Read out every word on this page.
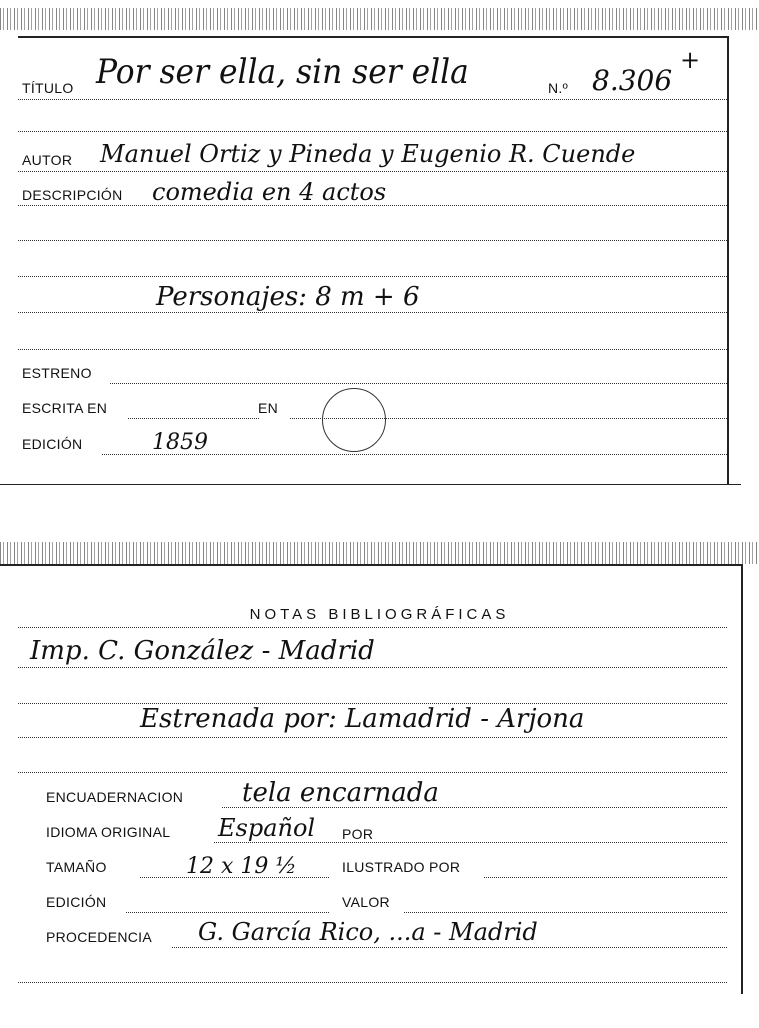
TÍTULO Por ser ella, sin ser ella	N.º 8.306
+
AUTOR Manuel Ortiz y Pineda y Eugenio R. Cuende
DESCRIPCIÓN comedia en 4 actos
Personajes: 8 m + 6
ESTRENO
ESCRITA EN	EN
EDICIÓN	1859
NOTAS BIBLIOGRÁFICAS
Imp. C. González - Madrid
Estrenada por: Lamadrid - Arjona
ENCUADERNACION tela encarnada
IDIOMA ORIGINAL Español POR
TAMAÑO	12 x 19 ½	ILUSTRADO POR
EDICIÓN	VALOR
PROCEDENCIA G. García Rico, ...a - Madrid
